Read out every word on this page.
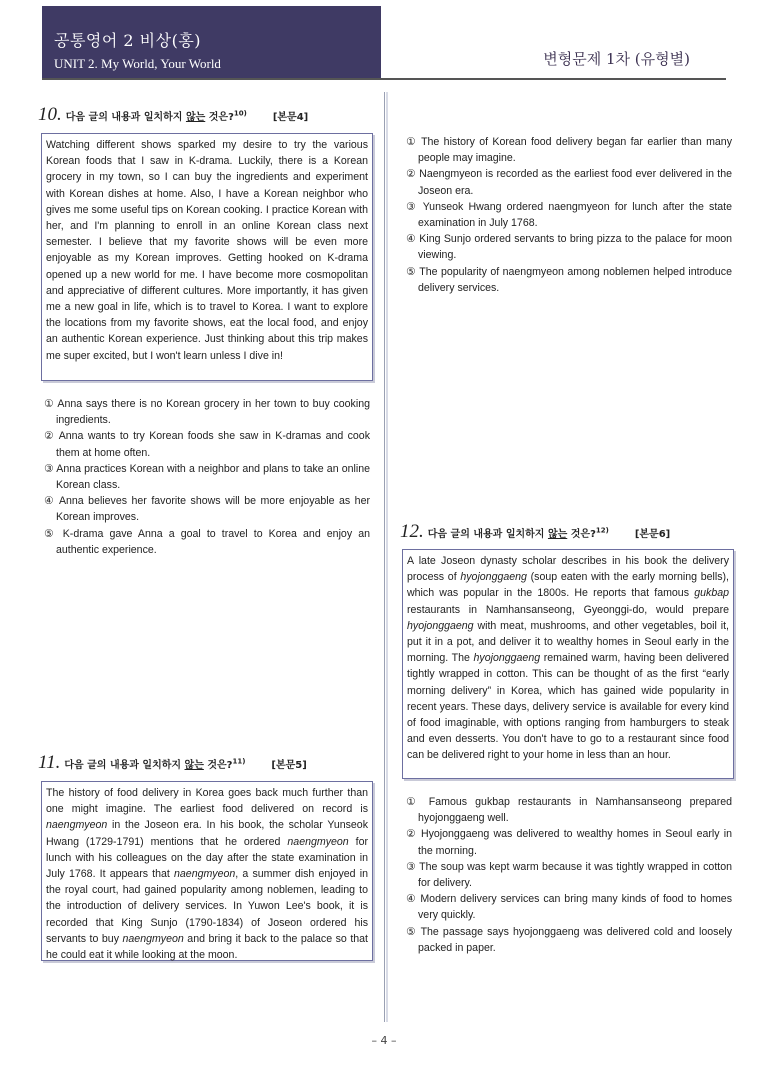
공통영어 2 비상(홍)
UNIT 2. My World, Your World	변형문제 1차 (유형별)
10. 다음 글의 내용과 일치하지 않는 것은?$^{10)}$	[본문4]
Watching different shows sparked my desire to try the various Korean foods that I saw in K-drama. Luckily, there is a Korean grocery in my town, so I can buy the ingredients and experiment with Korean dishes at home. Also, I have a Korean neighbor who gives me some useful tips on Korean cooking. I practice Korean with her, and I'm planning to enroll in an online Korean class next semester. I believe that my favorite shows will be even more enjoyable as my Korean improves. Getting hooked on K-drama opened up a new world for me. I have become more cosmopolitan and appreciative of different cultures. More importantly, it has given me a new goal in life, which is to travel to Korea. I want to explore the locations from my favorite shows, eat the local food, and enjoy an authentic Korean experience. Just thinking about this trip makes me super excited, but I won't learn unless I dive in!
① Anna says there is no Korean grocery in her town to buy cooking ingredients.
② Anna wants to try Korean foods she saw in K-dramas and cook them at home often.
③ Anna practices Korean with a neighbor and plans to take an online Korean class.
④ Anna believes her favorite shows will be more enjoyable as her Korean improves.
⑤ K-drama gave Anna a goal to travel to Korea and enjoy an authentic experience.
11. 다음 글의 내용과 일치하지 않는 것은?$^{11)}$	[본문5]
The history of food delivery in Korea goes back much further than one might imagine. The earliest food delivered on record is naengmyeon in the Joseon era. In his book, the scholar Yunseok Hwang (1729-1791) mentions that he ordered naengmyeon for lunch with his colleagues on the day after the state examination in July 1768. It appears that naengmyeon, a summer dish enjoyed in the royal court, had gained popularity among noblemen, leading to the introduction of delivery services. In Yuwon Lee's book, it is recorded that King Sunjo (1790-1834) of Joseon ordered his servants to buy naengmyeon and bring it back to the palace so that he could eat it while looking at the moon.
① The history of Korean food delivery began far earlier than many people may imagine.
② Naengmyeon is recorded as the earliest food ever delivered in the Joseon era.
③ Yunseok Hwang ordered naengmyeon for lunch after the state examination in July 1768.
④ King Sunjo ordered servants to bring pizza to the palace for moon viewing.
⑤ The popularity of naengmyeon among noblemen helped introduce delivery services.
12. 다음 글의 내용과 일치하지 않는 것은?$^{12)}$	[본문6]
A late Joseon dynasty scholar describes in his book the delivery process of hyojonggaeng (soup eaten with the early morning bells), which was popular in the 1800s. He reports that famous gukbap restaurants in Namhansanseong, Gyeonggi-do, would prepare hyojonggaeng with meat, mushrooms, and other vegetables, boil it, put it in a pot, and deliver it to wealthy homes in Seoul early in the morning. The hyojonggaeng remained warm, having been delivered tightly wrapped in cotton. This can be thought of as the first “early morning delivery” in Korea, which has gained wide popularity in recent years. These days, delivery service is available for every kind of food imaginable, with options ranging from hamburgers to steak and even desserts. You don't have to go to a restaurant since food can be delivered right to your home in less than an hour.
① Famous gukbap restaurants in Namhansanseong prepared hyojonggaeng well.
② Hyojonggaeng was delivered to wealthy homes in Seoul early in the morning.
③ The soup was kept warm because it was tightly wrapped in cotton for delivery.
④ Modern delivery services can bring many kinds of food to homes very quickly.
⑤ The passage says hyojonggaeng was delivered cold and loosely packed in paper.
– 4 –
